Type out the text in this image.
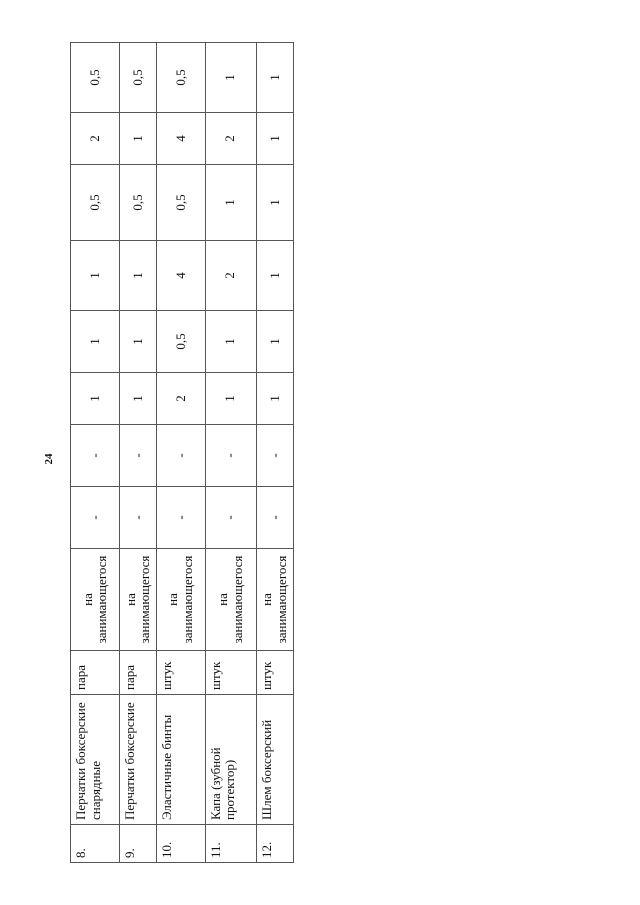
24
8.	Перчатки боксерские снарядные	пара	на занимающегося	-	-	1	1	1	0,5	2	0,5
9.	Перчатки боксерские	пара	на занимающегося	-	-	1	1	1	0,5	1	0,5
10.	Эластичные бинты	штук	на занимающегося	-	-	2	0,5	4	0,5	4	0,5
11.	Капа (зубной протектор)	штук	на занимающегося	-	-	1	1	2	1	2	1
12.	Шлем боксерский	штук	на занимающегося	-	-	1	1	1	1	1	1
